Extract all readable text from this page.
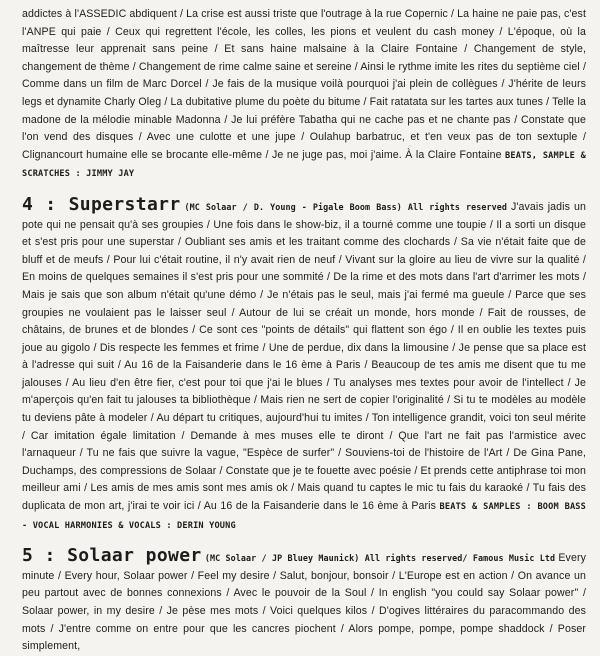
addictes à l'ASSEDIC abdiquent / La crise est aussi triste que l'outrage à la rue Copernic / La haine ne paie pas, c'est l'ANPE qui paie / Ceux qui regrettent l'école, les colles, les pions et veulent du cash money / L'époque, où la maîtresse leur apprenait sans peine / Et sans haine malsaine à la Claire Fontaine / Changement de style, changement de thème / Changement de rime calme saine et sereine / Ainsi le rythme imite les rites du septième ciel / Comme dans un film de Marc Dorcel / Je fais de la musique voilà pourquoi j'ai plein de collègues / J'hérite de leurs legs et dynamite Charly Oleg / La dubitative plume du poète du bitume / Fait ratatata sur les tartes aux tunes / Telle la madone de la mélodie minable Madonna / Je lui préfère Tabatha qui ne cache pas et ne chante pas / Constate que l'on vend des disques / Avec une culotte et une jupe / Oulahup barbatruc, et t'en veux pas de ton sextuple / Clignancourt humaine elle se brocante elle-même / Je ne juge pas, moi j'aime. À la Claire Fontaine BEATS, SAMPLE & SCRATCHES : JIMMY JAY
4 : Superstarr (MC Solaar / D. Young - Pigale Boom Bass) All rights reserved J'avais jadis un pote qui ne pensait qu'à ses groupies / Une fois dans le show-biz, il a tourné comme une toupie / Il a sorti un disque et s'est pris pour une superstar / Oubliant ses amis et les traitant comme des clochards / Sa vie n'était faite que de bluff et de meufs / Pour lui c'était routine, il n'y avait rien de neuf / Vivant sur la gloire au lieu de vivre sur la qualité / En moins de quelques semaines il s'est pris pour une sommité / De la rime et des mots dans l'art d'arrimer les mots / Mais je sais que son album n'était qu'une démo / Je n'étais pas le seul, mais j'ai fermé ma gueule / Parce que ses groupies ne voulaient pas le laisser seul / Autour de lui se créait un monde, hors monde / Fait de rousses, de châtains, de brunes et de blondes / Ce sont ces "points de détails" qui flattent son égo / Il en oublie les textes puis joue au gigolo / Dis respecte les femmes et frime / Une de perdue, dix dans la limousine / Je pense que sa place est à l'adresse qui suit / Au 16 de la Faisanderie dans le 16 ème à Paris / Beaucoup de tes amis me disent que tu me jalouses / Au lieu d'en être fier, c'est pour toi que j'ai le blues / Tu analyses mes textes pour avoir de l'intellect / Je m'aperçois qu'en fait tu jalouses ta bibliothèque / Mais rien ne sert de copier l'originalité / Si tu te modèles au modèle tu deviens pâte à modeler / Au départ tu critiques, aujourd'hui tu imites / Ton intelligence grandit, voici ton seul mérite / Car imitation égale limitation / Demande à mes muses elle te diront / Que l'art ne fait pas l'armistice avec l'arnaqueur / Tu ne fais que suivre la vague, "Espèce de surfer" / Souviens-toi de l'histoire de l'Art / De Gina Pane, Duchamps, des compressions de Solaar / Constate que je te fouette avec poésie / Et prends cette antiphrase toi mon meilleur ami / Les amis de mes amis sont mes amis ok / Mais quand tu captes le mic tu fais du karaoké / Tu fais des duplicata de mon art, j'irai te voir ici / Au 16 de la Faisanderie dans le 16 ème à Paris BEATS & SAMPLES : BOOM BASS - VOCAL HARMONIES & VOCALS : DERIN YOUNG
5 : Solaar power (MC Solaar / JP Bluey Maunick) All rights reserved/ Famous Music Ltd Every minute / Every hour, Solaar power / Feel my desire / Salut, bonjour, bonsoir / L'Europe est en action / On avance un peu partout avec de bonnes connexions / Avec le pouvoir de la Soul / In english "you could say Solaar power" / Solaar power, in my desire / Je pèse mes mots / Voici quelques kilos / D'ogives littéraires du paracommando des mots / J'entre comme on entre pour que les cancres piochent / Alors pompe, pompe, pompe shaddock / Poser simplement,
